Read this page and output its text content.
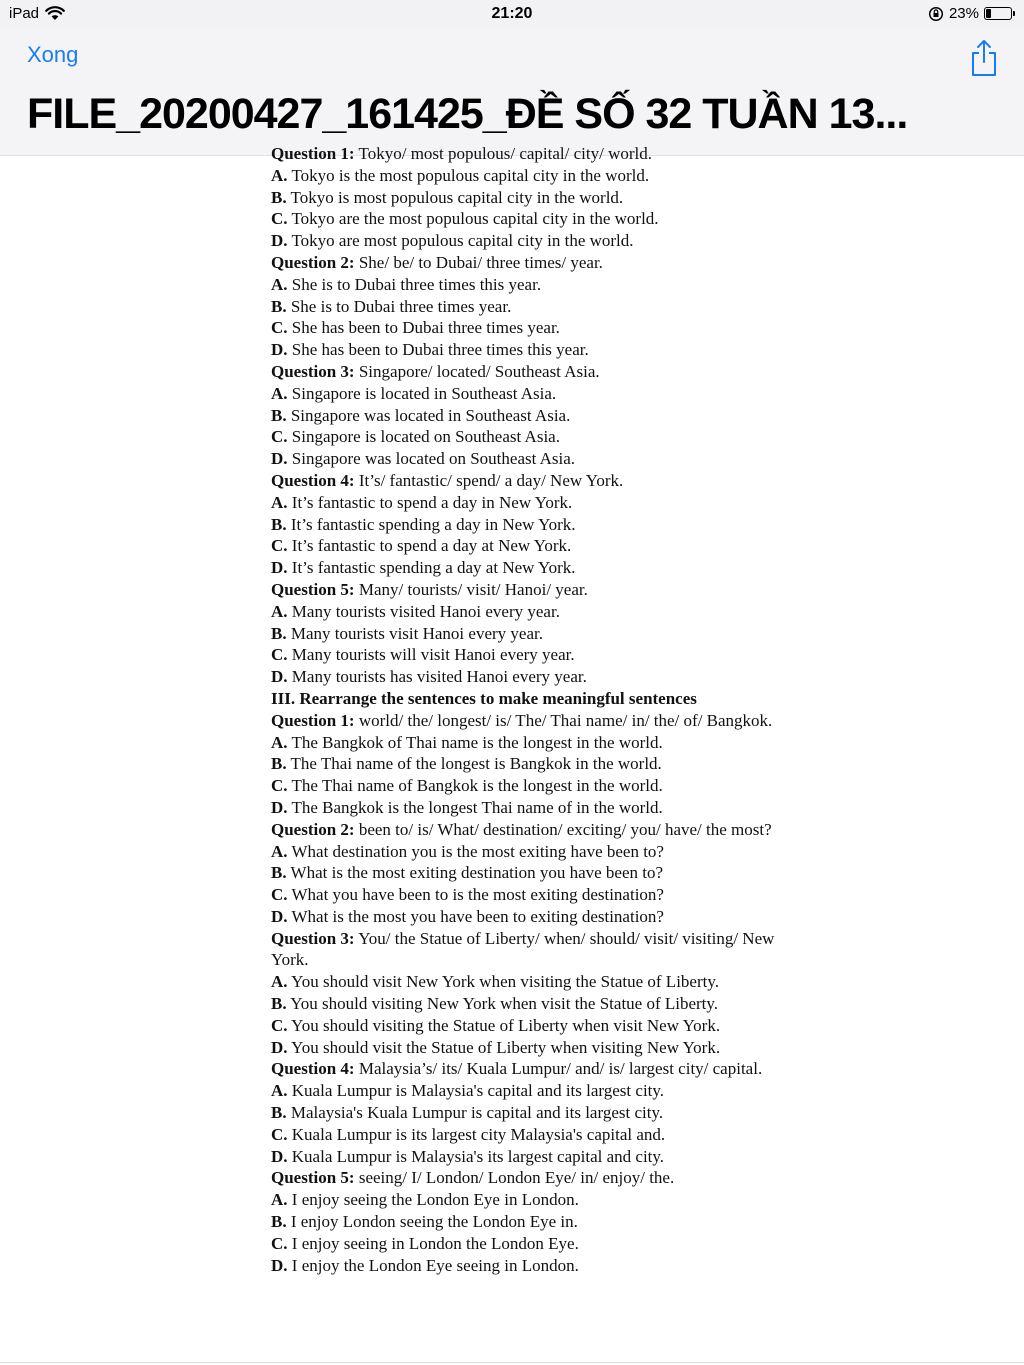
iPad	21:20	23%
Xong
FILE_20200427_161425_ĐỀ SỐ 32 TUẦN 13...
Question 1: Tokyo/ most populous/ capital/ city/ world.
A. Tokyo is the most populous capital city in the world.
B. Tokyo is most populous capital city in the world.
C. Tokyo are the most populous capital city in the world.
D. Tokyo are most populous capital city in the world.
Question 2: She/ be/ to Dubai/ three times/ year.
A. She is to Dubai three times this year.
B. She is to Dubai three times year.
C. She has been to Dubai three times year.
D. She has been to Dubai three times this year.
Question 3: Singapore/ located/ Southeast Asia.
A. Singapore is located in Southeast Asia.
B. Singapore was located in Southeast Asia.
C. Singapore is located on Southeast Asia.
D. Singapore was located on Southeast Asia.
Question 4: It’s/ fantastic/ spend/ a day/ New York.
A. It’s fantastic to spend a day in New York.
B. It’s fantastic spending a day in New York.
C. It’s fantastic to spend a day at New York.
D. It’s fantastic spending a day at New York.
Question 5: Many/ tourists/ visit/ Hanoi/ year.
A. Many tourists visited Hanoi every year.
B. Many tourists visit Hanoi every year.
C. Many tourists will visit Hanoi every year.
D. Many tourists has visited Hanoi every year.
III. Rearrange the sentences to make meaningful sentences
Question 1: world/ the/ longest/ is/ The/ Thai name/ in/ the/ of/ Bangkok.
A. The Bangkok of Thai name is the longest in the world.
B. The Thai name of the longest is Bangkok in the world.
C. The Thai name of Bangkok is the longest in the world.
D. The Bangkok is the longest Thai name of in the world.
Question 2: been to/ is/ What/ destination/ exciting/ you/ have/ the most?
A. What destination you is the most exiting have been to?
B. What is the most exiting destination you have been to?
C. What you have been to is the most exiting destination?
D. What is the most you have been to exiting destination?
Question 3: You/ the Statue of Liberty/ when/ should/ visit/ visiting/ New York.
A. You should visit New York when visiting the Statue of Liberty.
B. You should visiting New York when visit the Statue of Liberty.
C. You should visiting the Statue of Liberty when visit New York.
D. You should visit the Statue of Liberty when visiting New York.
Question 4: Malaysia’s/ its/ Kuala Lumpur/ and/ is/ largest city/ capital.
A. Kuala Lumpur is Malaysia's capital and its largest city.
B. Malaysia's Kuala Lumpur is capital and its largest city.
C. Kuala Lumpur is its largest city Malaysia's capital and.
D. Kuala Lumpur is Malaysia's its largest capital and city.
Question 5: seeing/ I/ London/ London Eye/ in/ enjoy/ the.
A. I enjoy seeing the London Eye in London.
B. I enjoy London seeing the London Eye in.
C. I enjoy seeing in London the London Eye.
D. I enjoy the London Eye seeing in London.
